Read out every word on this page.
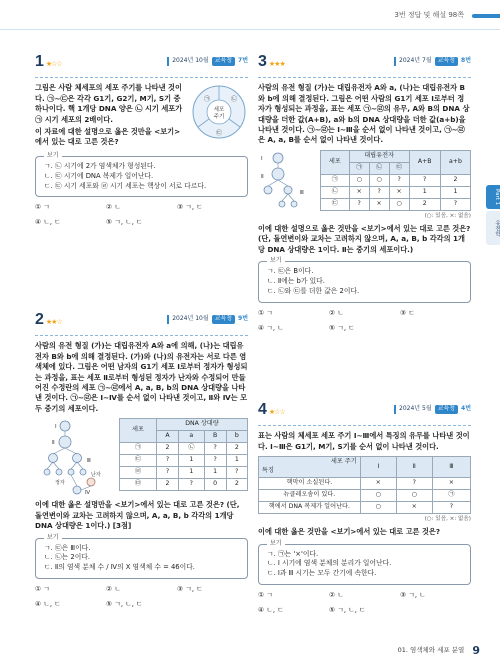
3번 정답 및 해설 98쪽
1 ★☆☆	2024년 10월	교육청	7번

그림은 사람 체세포의 세포 주기를 나타낸 것이다. ㉠~㉢은 각각 G1기, G2기, M기, S기 중 하나이다. 핵 1개당 DNA 양은 ㉡ 시기 세포가 ㉠ 시기 세포의 2배이다.

이 자료에 대한 설명으로 옳은 것만을 <보기>에서 있는 대로 고른 것은?

세포
주기
㉠	㉡
㉢
보기

ㄱ. ㉡ 시기에 2가 염색체가 형성된다.

ㄴ. ㉢ 시기에 DNA 복제가 일어난다.

ㄷ. ㉢ 시기 세포와 ㉣ 시기 세포는 핵상이 서로 다르다.

① ㄱ	② ㄴ	③ ㄱ, ㄷ
④ ㄴ, ㄷ	⑤ ㄱ, ㄴ, ㄷ
2 ★★☆	2024년 10월	교육청	9번

사람의 유전 형질 (가)는 대립유전자 A와 a에 의해, (나)는 대립유전자 B와 b에 의해 결정된다. (가)와 (나)의 유전자는 서로 다른 염색체에 있다. 그림은 어떤 남자의 G1기 세포 Ⅰ로부터 정자가 형성되는 과정을, 표는 세포 Ⅱ로부터 형성된 정자가 난자와 수정되어 만들어진 수정란의 세포 ㉠~㉣에서 A, a, B, b의 DNA 상대량을 나타낸 것이다. ㉠~㉣은 Ⅰ~Ⅳ를 순서 없이 나타낸 것이고, Ⅱ와 Ⅳ는 모두 중기의 세포이다.

Ⅰ
Ⅱ
Ⅲ
Ⅳ
정자
난자
세포	DNA 상대량			
	A	a	B	b
㉠	2	㉡	?	2
㉢	?	1	?	1
㉣	?	1	1	?
㉤	2	?	0	2

이에 대한 옳은 설명만을 <보기>에서 있는 대로 고른 것은? (단, 돌연변이와 교차는 고려하지 않으며, A, a, B, b 각각의 1개당 DNA 상대량은 1이다.) [3점]

보기

ㄱ. ㉢은 Ⅲ이다.

ㄴ. ㉡는 2이다.

ㄷ. Ⅱ의 염색 분체 수 / Ⅳ의 X 염색체 수 = 46이다.

① ㄱ	② ㄴ	③ ㄱ, ㄷ
④ ㄴ, ㄷ	⑤ ㄱ, ㄴ, ㄷ
3 ★★★	2024년 7월	교육청	8번

사람의 유전 형질 (가)는 대립유전자 A와 a, (나)는 대립유전자 B와 b에 의해 결정된다. 그림은 어떤 사람의 G1기 세포 Ⅰ로부터 정자가 형성되는 과정을, 표는 세포 ㉠~㉣의 유무, A와 B의 DNA 상대량을 더한 값(A+B), a와 b의 DNA 상대량을 더한 값(a+b)을 나타낸 것이다. ㉠~㉣는 Ⅰ~Ⅲ을 순서 없이 나타낸 것이고, ㉠~㉣은 A, a, B를 순서 없이 나타낸 것이다.

Ⅰ
Ⅱ
Ⅲ
세포	대립유전자			A+B	a+b
	㉠	㉡	㉢		
㉠	○	○	?	?	2
㉡	×	?	×	1	1
㉢	?	×	○	2	?

(○: 있음, ×: 없음)

이에 대한 설명으로 옳은 것만을 <보기>에서 있는 대로 고른 것은? (단, 돌연변이와 교차는 고려하지 않으며, A, a, B, b 각각의 1개당 DNA 상대량은 1이다. Ⅱ는 중기의 세포이다.)

보기

ㄱ. ㉢은 B이다.

ㄴ. Ⅱ에는 b가 있다.

ㄷ. ㉡와 ㉢를 더한 값은 2이다.

① ㄱ	② ㄴ	③ ㄷ
④ ㄱ, ㄴ	⑤ ㄱ, ㄷ
4 ★☆☆	2024년 5월	교육청	4번

표는 사람의 체세포 세포 주기 Ⅰ~Ⅲ에서 특징의 유무를 나타낸 것이다. Ⅰ~Ⅲ은 G1기, M기, S기를 순서 없이 나타낸 것이다.

세포 주기

특징	Ⅰ	Ⅱ	Ⅲ
핵막이 소실된다.	×	?	×
뉴클레오솜이 있다.	○	○	㉠
핵에서 DNA 복제가 일어난다.	○	×	?

(○: 있음, ×: 없음)

이에 대한 옳은 것만을 <보기>에서 있는 대로 고른 것은?

보기

ㄱ. ㉠는 '×'이다.

ㄴ. Ⅰ 시기에 염색 분체의 분리가 일어난다.

ㄷ. Ⅰ과 Ⅲ 시기는 모두 간기에 속한다.

① ㄱ	② ㄴ	③ ㄱ, ㄴ
④ ㄴ, ㄷ	⑤ ㄱ, ㄴ, ㄷ
Part 1
유전학
01. 염색체와 세포 분열 9
